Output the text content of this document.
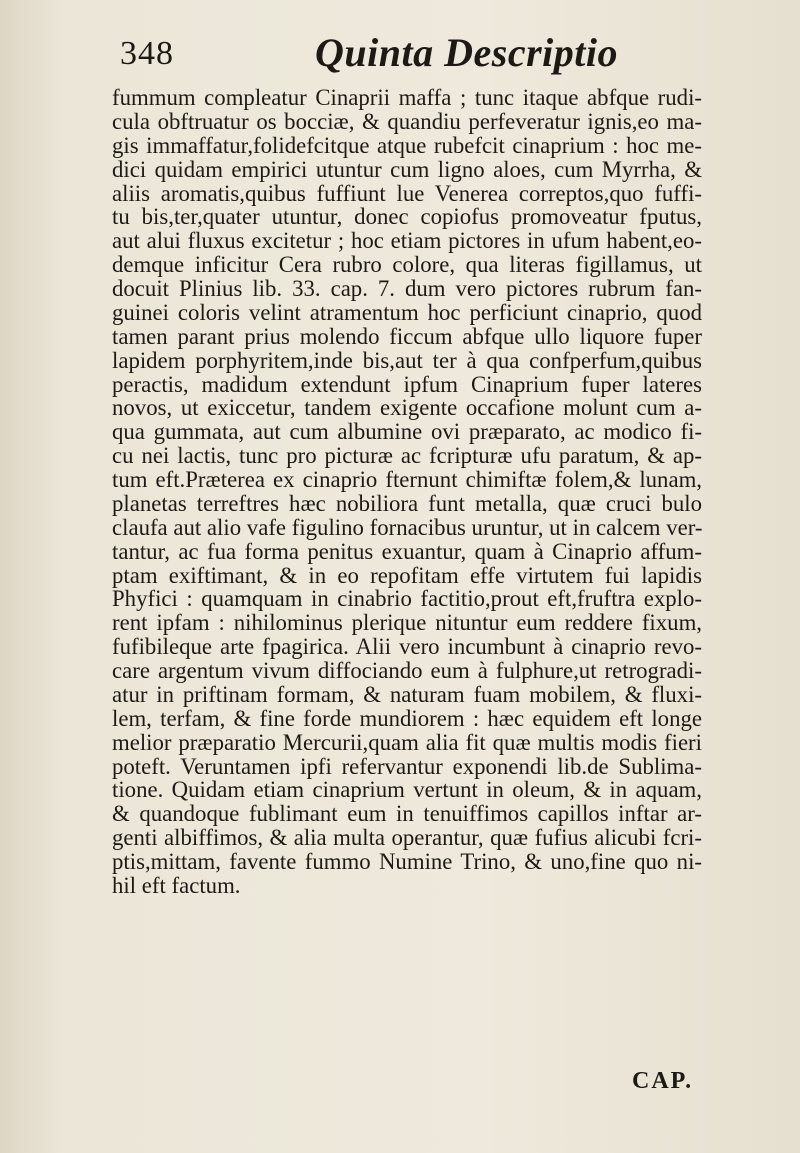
348	Quinta Descriptio
fummum compleatur Cinaprii maffa ; tunc itaque abfque rudi-
cula obftruatur os bocciæ, & quandiu perfeveratur ignis,eo ma-
gis immaffatur,folidefcitque atque rubefcit cinaprium : hoc me-
dici quidam empirici utuntur cum ligno aloes, cum Myrrha, &
aliis aromatis,quibus fuffiunt lue Venerea correptos,quo fuffi-
tu bis,ter,quater utuntur, donec copiofus promoveatur fputus,
aut alui fluxus excitetur ; hoc etiam pictores in ufum habent,eo-
demque inficitur Cera rubro colore, qua literas figillamus, ut
docuit Plinius lib. 33. cap. 7. dum vero pictores rubrum fan-
guinei coloris velint atramentum hoc perficiunt cinaprio, quod
tamen parant prius molendo ficcum abfque ullo liquore fuper
lapidem porphyritem,inde bis,aut ter à qua confperfum,quibus
peractis, madidum extendunt ipfum Cinaprium fuper lateres
novos, ut exiccetur, tandem exigente occafione molunt cum a-
qua gummata, aut cum albumine ovi præparato, ac modico fi-
cu nei lactis, tunc pro picturæ ac fcripturæ ufu paratum, & ap-
tum eft.Præterea ex cinaprio fternunt chimiftæ folem,& lunam,
planetas terreftres hæc nobiliora funt metalla, quæ cruci bulo
claufa aut alio vafe figulino fornacibus uruntur, ut in calcem ver-
tantur, ac fua forma penitus exuantur, quam à Cinaprio affum-
ptam exiftimant, & in eo repofitam effe virtutem fui lapidis
Phyfici : quamquam in cinabrio factitio,prout eft,fruftra explo-
rent ipfam : nihilominus plerique nituntur eum reddere fixum,
fufibileque arte fpagirica. Alii vero incumbunt à cinaprio revo-
care argentum vivum diffociando eum à fulphure,ut retrogradi-
atur in priftinam formam, & naturam fuam mobilem, & fluxi-
lem, terfam, & fine forde mundiorem : hæc equidem eft longe
melior præparatio Mercurii,quam alia fit quæ multis modis fieri
poteft. Veruntamen ipfi refervantur exponendi lib.de Sublima-
tione. Quidam etiam cinaprium vertunt in oleum, & in aquam,
& quandoque fublimant eum in tenuiffimos capillos inftar ar-
genti albiffimos, & alia multa operantur, quæ fufius alicubi fcri-
ptis,mittam, favente fummo Numine Trino, & uno,fine quo ni-
hil eft factum.
CAP.
